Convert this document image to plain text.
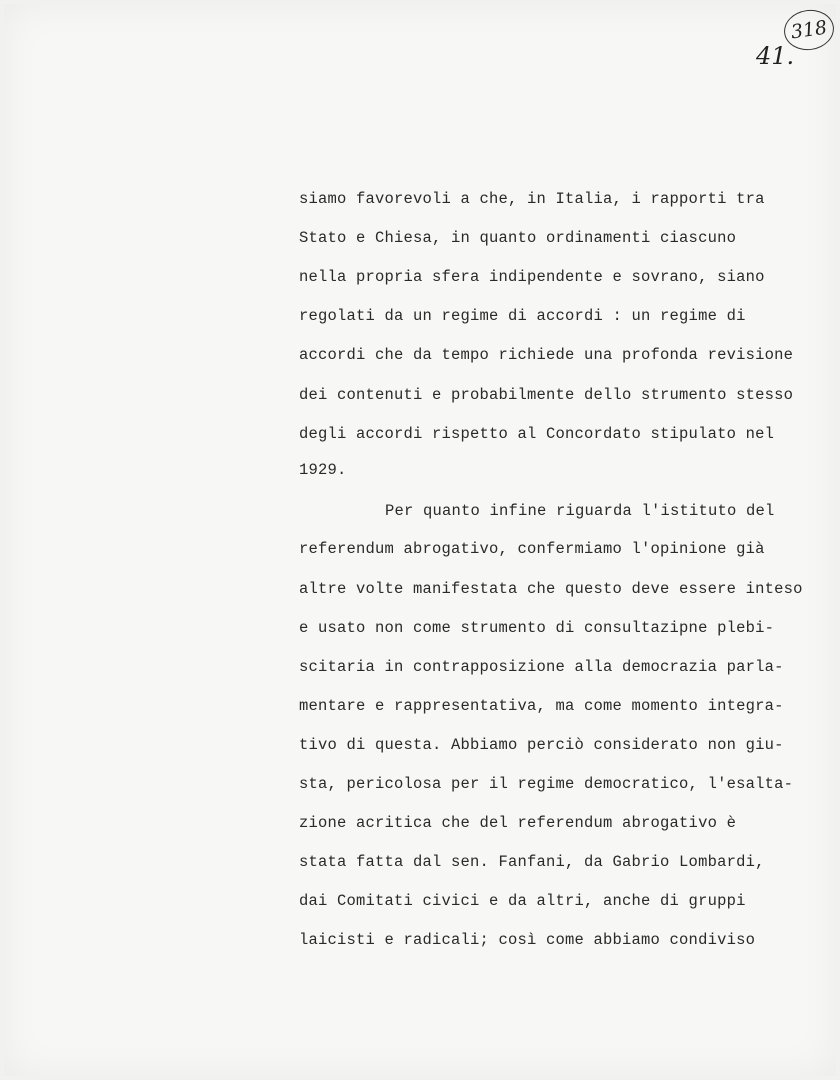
318
41.
siamo favorevoli a che, in Italia, i rapporti tra
Stato e Chiesa, in quanto ordinamenti ciascuno
nella propria sfera indipendente e sovrano, siano
regolati da un regime di accordi : un regime di
accordi che da tempo richiede una profonda revisione
dei contenuti e probabilmente dello strumento stesso
degli accordi rispetto al Concordato stipulato nel
1929.
Per quanto infine riguarda l'istituto del
referendum abrogativo, confermiamo l'opinione già
altre volte manifestata che questo deve essere inteso
e usato non come strumento di consultazipne plebi-
scitaria in contrapposizione alla democrazia parla-
mentare e rappresentativa, ma come momento integra-
tivo di questa. Abbiamo perciò considerato non giu-
sta, pericolosa per il regime democratico, l'esalta-
zione acritica che del referendum abrogativo è
stata fatta dal sen. Fanfani, da Gabrio Lombardi,
dai Comitati civici e da altri, anche di gruppi
laicisti e radicali; così come abbiamo condiviso
